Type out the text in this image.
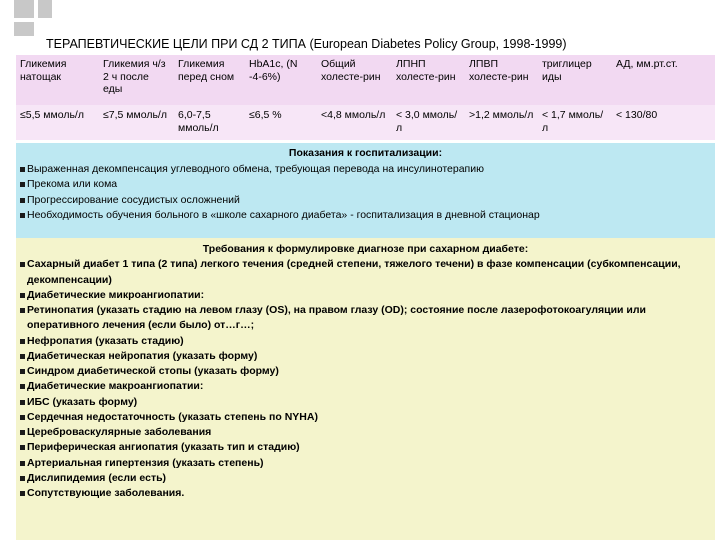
ТЕРАПЕВТИЧЕСКИЕ ЦЕЛИ ПРИ СД 2 ТИПА (European Diabetes Policy Group, 1998-1999)
Гликемия натощак	Гликемия ч/з 2 ч после еды	Гликемия перед сном	НbА1с, (N -4-6%)	Общий холесте-рин	ЛПНП холесте-рин	ЛПВП холесте-рин	триглицер иды	АД, мм.рт.ст.
≤5,5 ммоль/л	≤7,5 ммоль/л	6,0-7,5 ммоль/л	≤6,5 %	<4,8 ммоль/л	< 3,0 ммоль/л	>1,2 ммоль/л	< 1,7 ммоль/л	< 130/80
Показания к госпитализации:
Выраженная декомпенсация углеводного обмена, требующая перевода на инсулинотерапию
Прекома или кома
Прогрессирование сосудистых осложнений
Необходимость обучения больного в «школе сахарного диабета» - госпитализация в дневной стационар
Требования к формулировке диагнозе при сахарном диабете:
Сахарный диабет 1 типа (2 типа) легкого течения (средней степени, тяжелого течени) в фазе компенсации (субкомпенсации, декомпенсации)
Диабетические микроангиопатии:
Ретинопатия (указать стадию на левом глазу (OS), на правом глазу (OD); состояние после лазерофотокоагуляции или оперативного лечения (если было) от…г…;
Нефропатия (указать стадию)
Диабетическая нейропатия (указать форму)
Синдром диабетической стопы (указать форму)
Диабетические макроангиопатии:
ИБС (указать форму)
Сердечная недостаточность (указать степень по NYHA)
Цереброваскулярные заболевания
Периферическая ангиопатия (указать тип и стадию)
Артериальная гипертензия (указать степень)
Дислипидемия (если есть)
Сопутствующие заболевания.
